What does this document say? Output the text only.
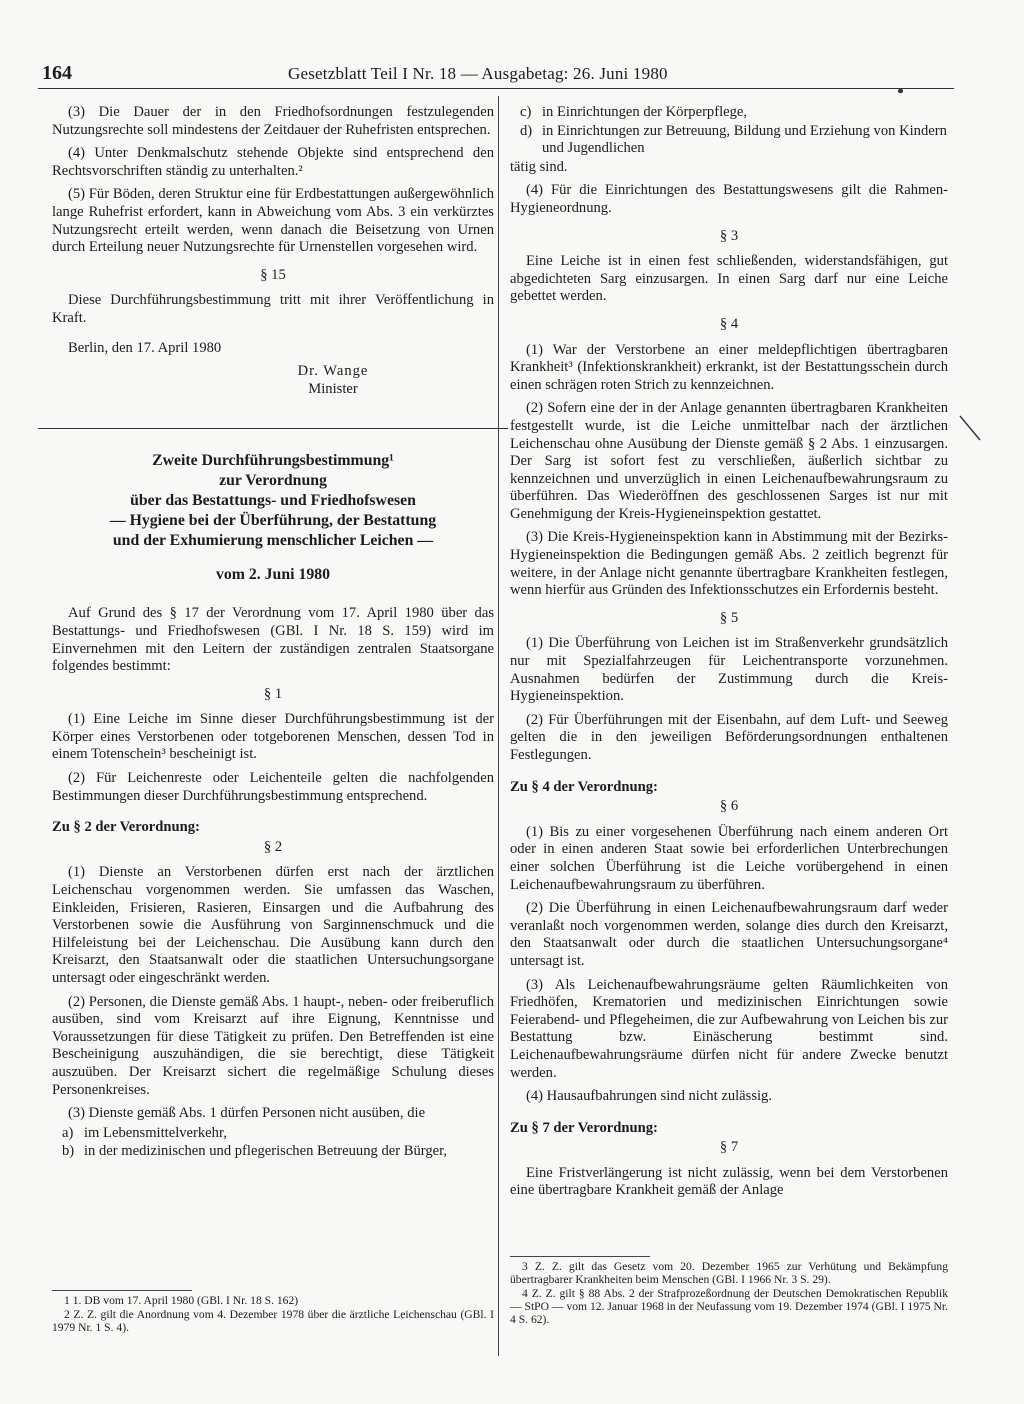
164	Gesetzblatt Teil I Nr. 18 — Ausgabetag: 26. Juni 1980

(3) Die Dauer der in den Friedhofsordnungen festzulegenden Nutzungsrechte soll mindestens der Zeitdauer der Ruhefristen entsprechen.

(4) Unter Denkmalschutz stehende Objekte sind entsprechend den Rechtsvorschriften ständig zu unterhalten.²

(5) Für Böden, deren Struktur eine für Erdbestattungen außergewöhnlich lange Ruhefrist erfordert, kann in Abweichung vom Abs. 3 ein verkürztes Nutzungsrecht erteilt werden, wenn danach die Beisetzung von Urnen durch Erteilung neuer Nutzungsrechte für Urnenstellen vorgesehen wird.

§ 15

Diese Durchführungsbestimmung tritt mit ihrer Veröffentlichung in Kraft.

Berlin, den 17. April 1980

Dr. Wange
Minister
Zweite Durchführungsbestimmung¹
zur Verordnung
über das Bestattungs- und Friedhofswesen
— Hygiene bei der Überführung, der Bestattung
und der Exhumierung menschlicher Leichen —
vom 2. Juni 1980

Auf Grund des § 17 der Verordnung vom 17. April 1980 über das Bestattungs- und Friedhofswesen (GBl. I Nr. 18 S. 159) wird im Einvernehmen mit den Leitern der zuständigen zentralen Staatsorgane folgendes bestimmt:

§ 1

(1) Eine Leiche im Sinne dieser Durchführungsbestimmung ist der Körper eines Verstorbenen oder totgeborenen Menschen, dessen Tod in einem Totenschein³ bescheinigt ist.

(2) Für Leichenreste oder Leichenteile gelten die nachfolgenden Bestimmungen dieser Durchführungsbestimmung entsprechend.

Zu § 2 der Verordnung:
§ 2

(1) Dienste an Verstorbenen dürfen erst nach der ärztlichen Leichenschau vorgenommen werden. Sie umfassen das Waschen, Einkleiden, Frisieren, Rasieren, Einsargen und die Aufbahrung des Verstorbenen sowie die Ausführung von Sarginnenschmuck und die Hilfeleistung bei der Leichenschau. Die Ausübung kann durch den Kreisarzt, den Staatsanwalt oder die staatlichen Untersuchungsorgane untersagt oder eingeschränkt werden.

(2) Personen, die Dienste gemäß Abs. 1 haupt-, neben- oder freiberuflich ausüben, sind vom Kreisarzt auf ihre Eignung, Kenntnisse und Voraussetzungen für diese Tätigkeit zu prüfen. Den Betreffenden ist eine Bescheinigung auszuhändigen, die sie berechtigt, diese Tätigkeit auszuüben. Der Kreisarzt sichert die regelmäßige Schulung dieses Personenkreises.

(3) Dienste gemäß Abs. 1 dürfen Personen nicht ausüben, die

a) im Lebensmittelverkehr,

b) in der medizinischen und pflegerischen Betreuung der Bürger,

c) in Einrichtungen der Körperpflege,

d) in Einrichtungen zur Betreuung, Bildung und Erziehung von Kindern und Jugendlichen

tätig sind.

(4) Für die Einrichtungen des Bestattungswesens gilt die Rahmen-Hygieneordnung.

§ 3

Eine Leiche ist in einen fest schließenden, widerstandsfähigen, gut abgedichteten Sarg einzusargen. In einen Sarg darf nur eine Leiche gebettet werden.

§ 4

(1) War der Verstorbene an einer meldepflichtigen übertragbaren Krankheit³ (Infektionskrankheit) erkrankt, ist der Bestattungsschein durch einen schrägen roten Strich zu kennzeichnen.

(2) Sofern eine der in der Anlage genannten übertragbaren Krankheiten festgestellt wurde, ist die Leiche unmittelbar nach der ärztlichen Leichenschau ohne Ausübung der Dienste gemäß § 2 Abs. 1 einzusargen. Der Sarg ist sofort fest zu verschließen, äußerlich sichtbar zu kennzeichnen und unverzüglich in einen Leichenaufbewahrungsraum zu überführen. Das Wiederöffnen des geschlossenen Sarges ist nur mit Genehmigung der Kreis-Hygieneinspektion gestattet.

(3) Die Kreis-Hygieneinspektion kann in Abstimmung mit der Bezirks-Hygieneinspektion die Bedingungen gemäß Abs. 2 zeitlich begrenzt für weitere, in der Anlage nicht genannte übertragbare Krankheiten festlegen, wenn hierfür aus Gründen des Infektionsschutzes ein Erfordernis besteht.

§ 5

(1) Die Überführung von Leichen ist im Straßenverkehr grundsätzlich nur mit Spezialfahrzeugen für Leichentransporte vorzunehmen. Ausnahmen bedürfen der Zustimmung durch die Kreis-Hygieneinspektion.

(2) Für Überführungen mit der Eisenbahn, auf dem Luft- und Seeweg gelten die in den jeweiligen Beförderungsordnungen enthaltenen Festlegungen.

Zu § 4 der Verordnung:
§ 6

(1) Bis zu einer vorgesehenen Überführung nach einem anderen Ort oder in einen anderen Staat sowie bei erforderlichen Unterbrechungen einer solchen Überführung ist die Leiche vorübergehend in einen Leichenaufbewahrungsraum zu überführen.

(2) Die Überführung in einen Leichenaufbewahrungsraum darf weder veranlaßt noch vorgenommen werden, solange dies durch den Kreisarzt, den Staatsanwalt oder durch die staatlichen Untersuchungsorgane⁴ untersagt ist.

(3) Als Leichenaufbewahrungsräume gelten Räumlichkeiten von Friedhöfen, Krematorien und medizinischen Einrichtungen sowie Feierabend- und Pflegeheimen, die zur Aufbewahrung von Leichen bis zur Bestattung bzw. Einäscherung bestimmt sind. Leichenaufbewahrungsräume dürfen nicht für andere Zwecke benutzt werden.

(4) Hausaufbahrungen sind nicht zulässig.

Zu § 7 der Verordnung:
§ 7

Eine Fristverlängerung ist nicht zulässig, wenn bei dem Verstorbenen eine übertragbare Krankheit gemäß der Anlage

1 1. DB vom 17. April 1980 (GBl. I Nr. 18 S. 162)

2 Z. Z. gilt die Anordnung vom 4. Dezember 1978 über die ärztliche Leichenschau (GBl. I 1979 Nr. 1 S. 4).

3 Z. Z. gilt das Gesetz vom 20. Dezember 1965 zur Verhütung und Bekämpfung übertragbarer Krankheiten beim Menschen (GBl. I 1966 Nr. 3 S. 29).

4 Z. Z. gilt § 88 Abs. 2 der Strafprozeßordnung der Deutschen Demokratischen Republik — StPO — vom 12. Januar 1968 in der Neufassung vom 19. Dezember 1974 (GBl. I 1975 Nr. 4 S. 62).
